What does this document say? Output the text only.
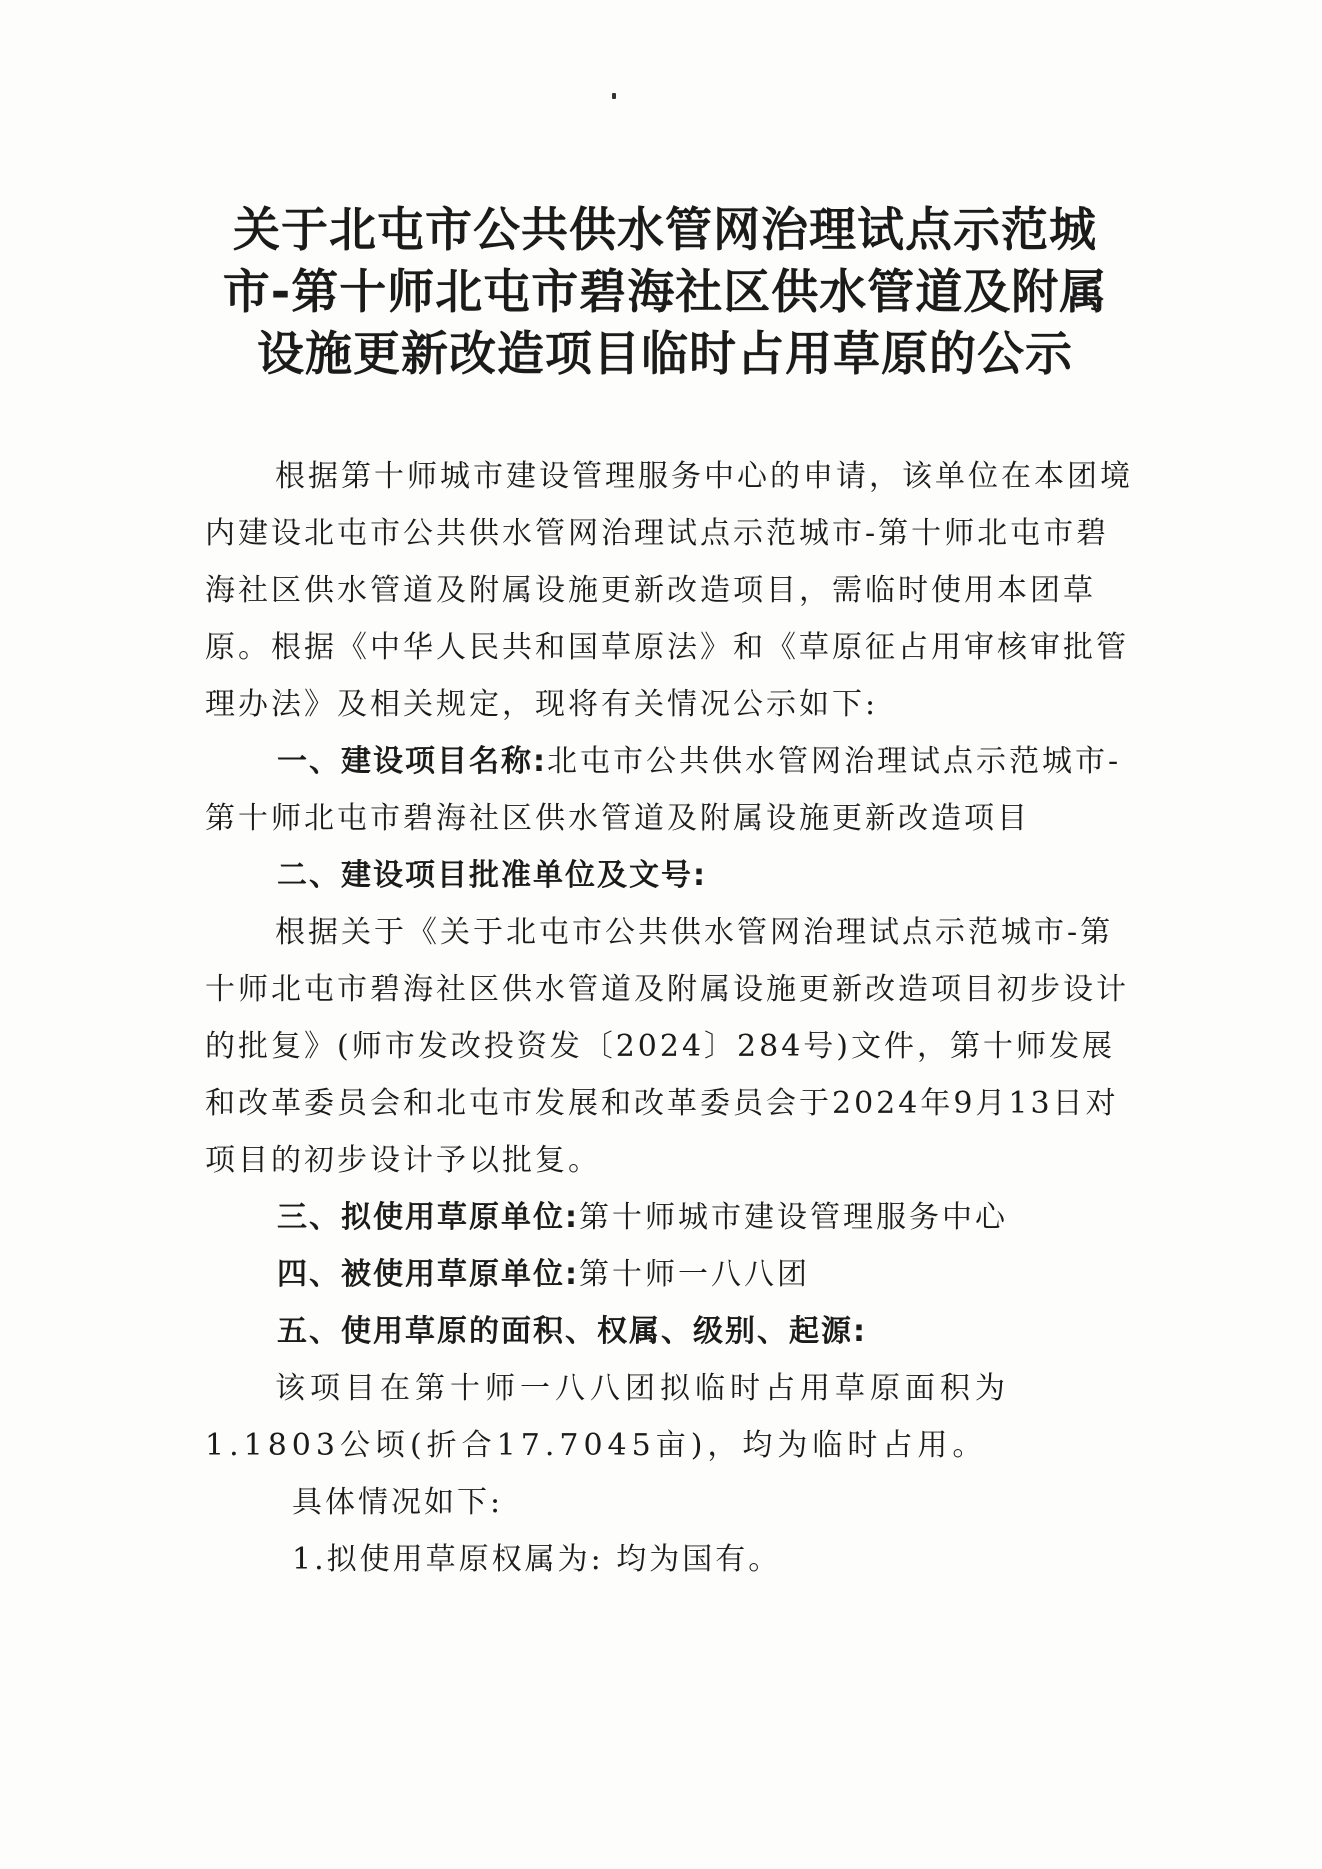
关于北屯市公共供水管网治理试点示范城
市-第十师北屯市碧海社区供水管道及附属
设施更新改造项目临时占用草原的公示

根据第十师城市建设管理服务中心的申请，该单位在本团境内建设北屯市公共供水管网治理试点示范城市-第十师北屯市碧海社区供水管道及附属设施更新改造项目，需临时使用本团草原。根据《中华人民共和国草原法》和《草原征占用审核审批管理办法》及相关规定，现将有关情况公示如下:

一、建设项目名称:北屯市公共供水管网治理试点示范城市-第十师北屯市碧海社区供水管道及附属设施更新改造项目

二、建设项目批准单位及文号:

根据关于《关于北屯市公共供水管网治理试点示范城市-第十师北屯市碧海社区供水管道及附属设施更新改造项目初步设计的批复》(师市发改投资发〔2024〕284号)文件，第十师发展和改革委员会和北屯市发展和改革委员会于2024年9月13日对项目的初步设计予以批复。

三、拟使用草原单位:第十师城市建设管理服务中心

四、被使用草原单位:第十师一八八团

五、使用草原的面积、权属、级别、起源:

该项目在第十师一八八团拟临时占用草原面积为1.1803公顷(折合17.7045亩)，均为临时占用。

具体情况如下:

1.拟使用草原权属为: 均为国有。
